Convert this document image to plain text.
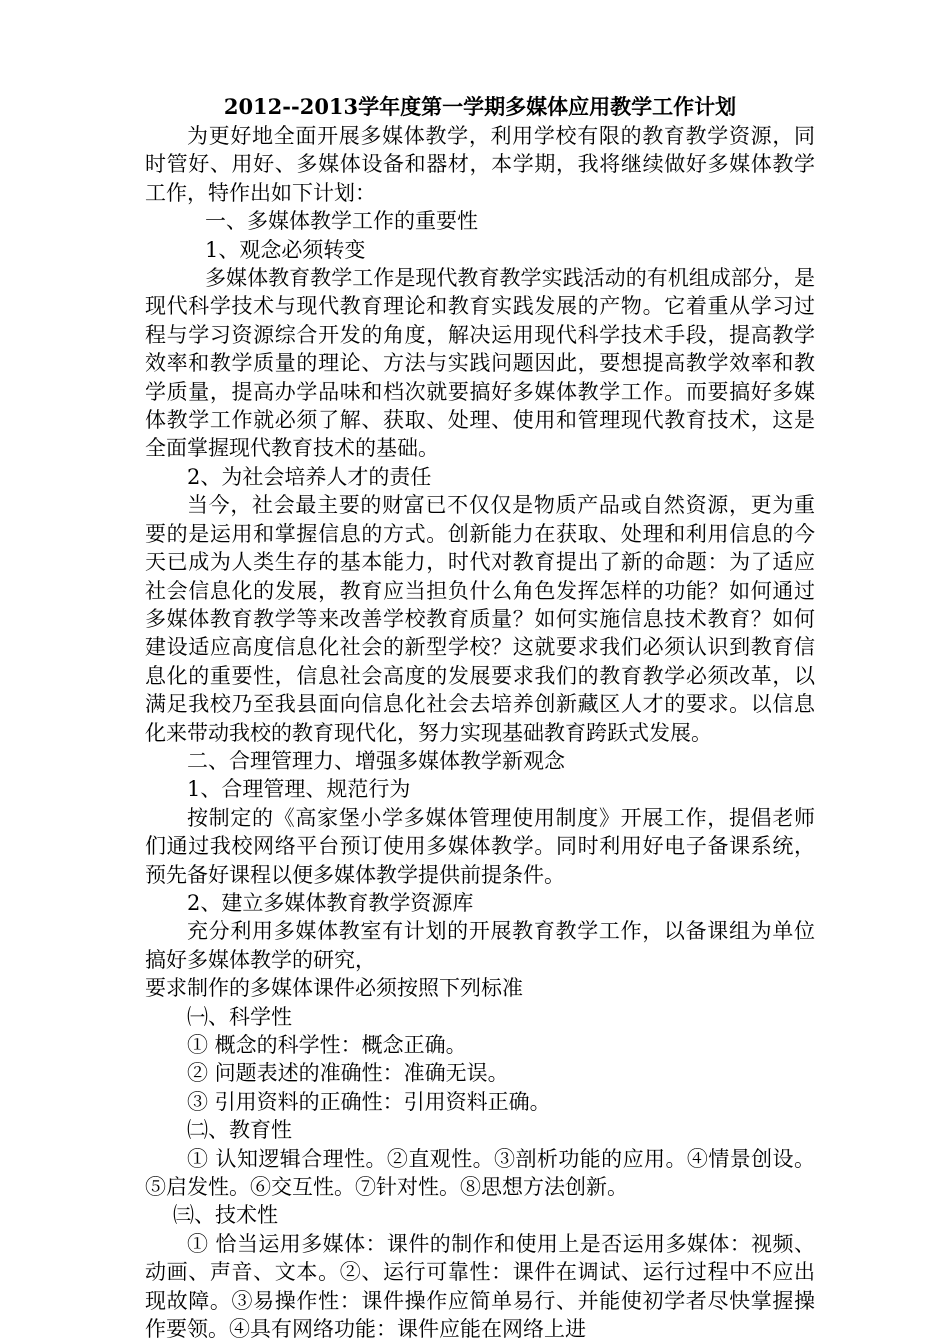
2012--2013学年度第一学期多媒体应用教学工作计划

为更好地全面开展多媒体教学，利用学校有限的教育教学资源，同时管好、用好、多媒体设备和器材，本学期，我将继续做好多媒体教学工作，特作出如下计划：

一、多媒体教学工作的重要性

1、观念必须转变

多媒体教育教学工作是现代教育教学实践活动的有机组成部分，是现代科学技术与现代教育理论和教育实践发展的产物。它着重从学习过程与学习资源综合开发的角度，解决运用现代科学技术手段，提高教学效率和教学质量的理论、方法与实践问题因此，要想提高教学效率和教学质量，提高办学品味和档次就要搞好多媒体教学工作。而要搞好多媒体教学工作就必须了解、获取、处理、使用和管理现代教育技术，这是全面掌握现代教育技术的基础。

2、为社会培养人才的责任

当今，社会最主要的财富已不仅仅是物质产品或自然资源，更为重要的是运用和掌握信息的方式。创新能力在获取、处理和利用信息的今天已成为人类生存的基本能力，时代对教育提出了新的命题：为了适应社会信息化的发展，教育应当担负什么角色发挥怎样的功能？如何通过多媒体教育教学等来改善学校教育质量？如何实施信息技术教育？如何建设适应高度信息化社会的新型学校？这就要求我们必须认识到教育信息化的重要性，信息社会高度的发展要求我们的教育教学必须改革，以满足我校乃至我县面向信息化社会去培养创新藏区人才的要求。以信息化来带动我校的教育现代化，努力实现基础教育跨跃式发展。

二、合理管理力、增强多媒体教学新观念

1、合理管理、规范行为

按制定的《高家堡小学多媒体管理使用制度》开展工作，提倡老师们通过我校网络平台预订使用多媒体教学。同时利用好电子备课系统，预先备好课程以便多媒体教学提供前提条件。

2、建立多媒体教育教学资源库

充分利用多媒体教室有计划的开展教育教学工作，以备课组为单位搞好多媒体教学的研究，

要求制作的多媒体课件必须按照下列标准

㈠、科学性

① 概念的科学性：概念正确。

② 问题表述的准确性：准确无误。

③ 引用资料的正确性：引用资料正确。

㈡、教育性

① 认知逻辑合理性。②直观性。③剖析功能的应用。④情景创设。⑤启发性。⑥交互性。⑦针对性。⑧思想方法创新。

㈢、技术性

① 恰当运用多媒体：课件的制作和使用上是否运用多媒体：视频、动画、声音、文本。②、运行可靠性：课件在调试、运行过程中不应出现故障。③易操作性：课件操作应简单易行、并能使初学者尽快掌握操作要领。④具有网络功能：课件应能在网络上进
